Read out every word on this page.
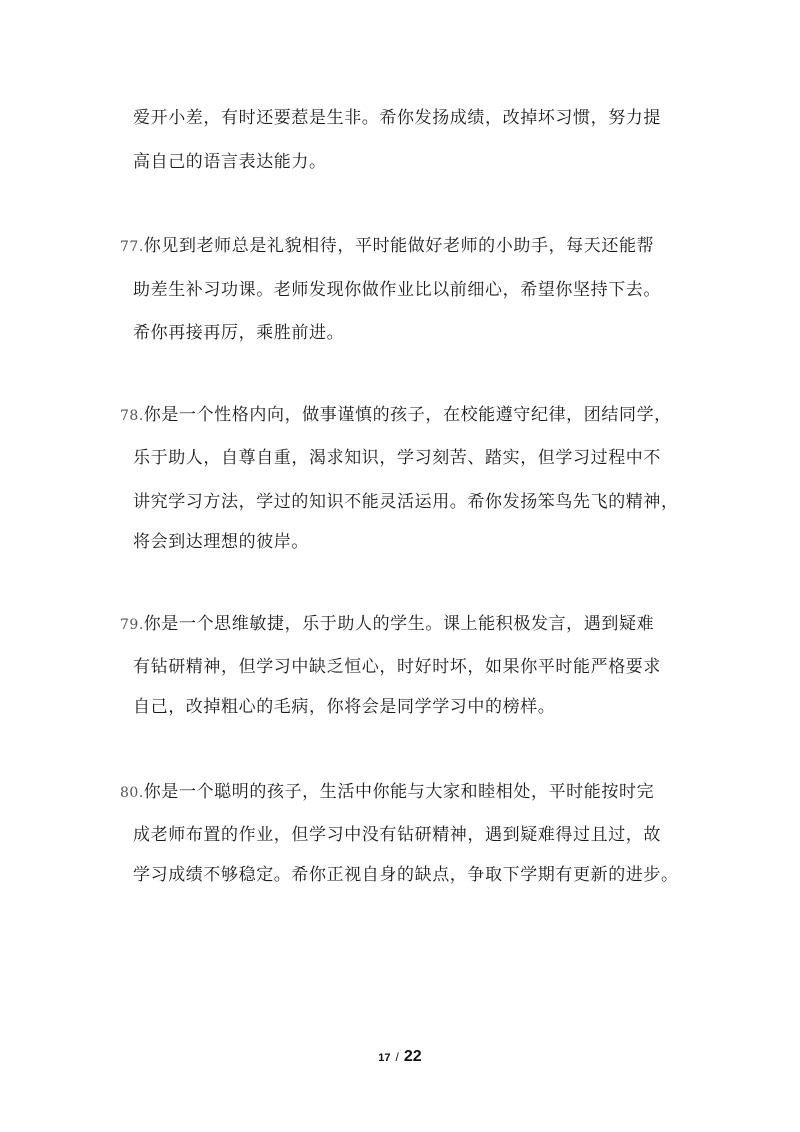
爱开小差，有时还要惹是生非。希你发扬成绩，改掉坏习惯，努力提
高自己的语言表达能力。
77.你见到老师总是礼貌相待，平时能做好老师的小助手，每天还能帮
助差生补习功课。老师发现你做作业比以前细心，希望你坚持下去。
希你再接再厉，乘胜前进。
78.你是一个性格内向，做事谨慎的孩子，在校能遵守纪律，团结同学，
乐于助人，自尊自重，渴求知识，学习刻苦、踏实，但学习过程中不
讲究学习方法，学过的知识不能灵活运用。希你发扬笨鸟先飞的精神，
将会到达理想的彼岸。
79.你是一个思维敏捷，乐于助人的学生。课上能积极发言，遇到疑难
有钻研精神，但学习中缺乏恒心，时好时坏，如果你平时能严格要求
自己，改掉粗心的毛病，你将会是同学学习中的榜样。
80.你是一个聪明的孩子，生活中你能与大家和睦相处，平时能按时完
成老师布置的作业，但学习中没有钻研精神，遇到疑难得过且过，故
学习成绩不够稳定。希你正视自身的缺点，争取下学期有更新的进步。
17 / 22
